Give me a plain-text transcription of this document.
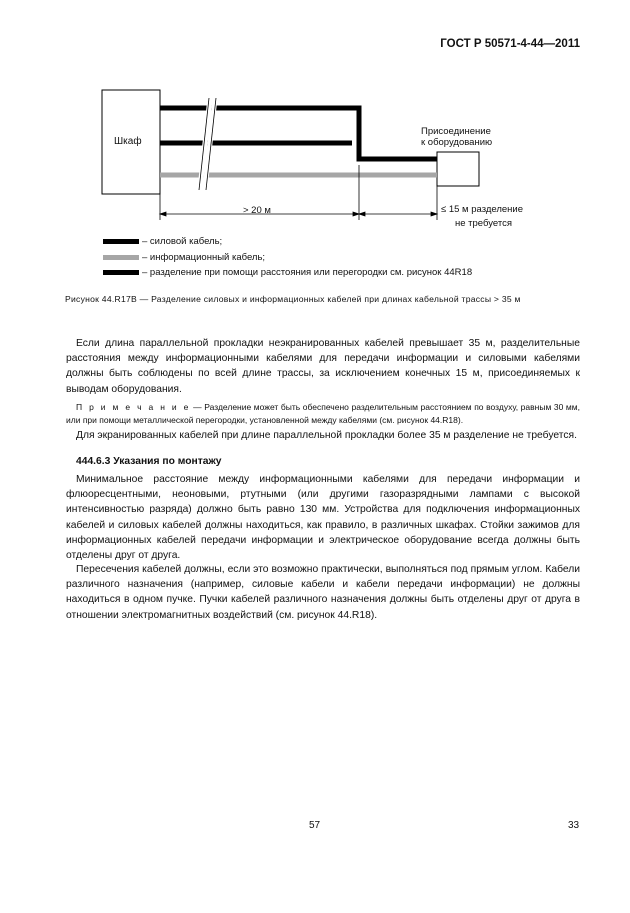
ГОСТ Р 50571-4-44—2011
Шкаф
Присоединение
к оборудованию
> 20 м	≤ 15 м разделение
не требуется
– силовой кабель;
– информационный кабель;
– разделение при помощи расстояния или перегородки см. рисунок 44R18
Рисунок 44.R17B — Разделение силовых и информационных кабелей при длинах кабельной трассы > 35 м
Если длина параллельной прокладки неэкранированных кабелей превышает 35 м, разделительные расстояния между информационными кабелями для передачи информации и силовыми кабелями должны быть соблюдены по всей длине трассы, за исключением конечных 15 м, присоединяемых к выводам оборудования.
П р и м е ч а н и е — Разделение может быть обеспечено разделительным расстоянием по воздуху, равным 30 мм, или при помощи металлической перегородки, установленной между кабелями (см. рисунок 44.R18).
Для экранированных кабелей при длине параллельной прокладки более 35 м разделение не требуется.
444.6.3 Указания по монтажу
Минимальное расстояние между информационными кабелями для передачи информации и флюоресцентными, неоновыми, ртутными (или другими газоразрядными лампами с высокой интенсивностью разряда) должно быть равно 130 мм. Устройства для подключения информационных кабелей и силовых кабелей должны находиться, как правило, в различных шкафах. Стойки зажимов для информационных кабелей передачи информации и электрическое оборудование всегда должны быть отделены друг от друга.
Пересечения кабелей должны, если это возможно практически, выполняться под прямым углом. Кабели различного назначения (например, силовые кабели и кабели передачи информации) не должны находиться в одном пучке. Пучки кабелей различного назначения должны быть отделены друг от друга в отношении электромагнитных воздействий (см. рисунок 44.R18).
57	33
